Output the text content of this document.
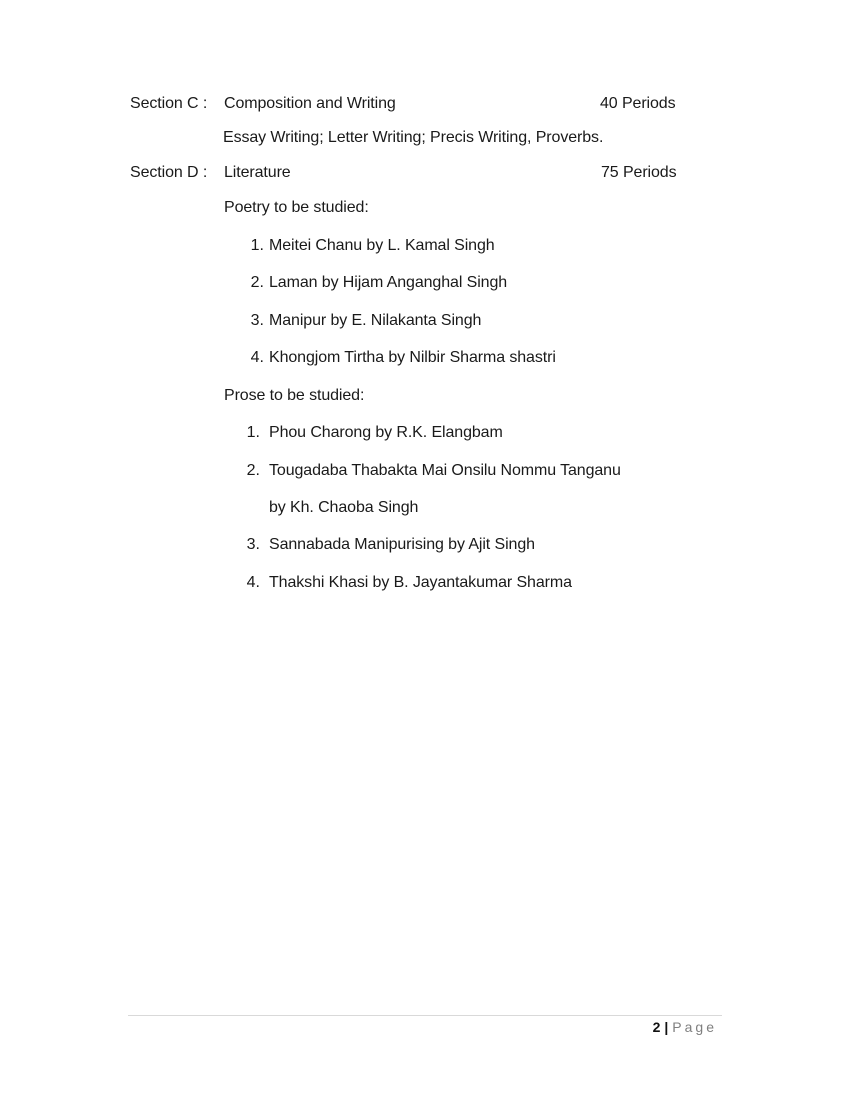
Section C : Composition and Writing	40 Periods
Essay Writing; Letter Writing; Precis Writing, Proverbs.
Section D : Literature	75 Periods
Poetry to be studied:
1. Meitei Chanu by L. Kamal Singh
2. Laman by Hijam Anganghal Singh
3. Manipur by E. Nilakanta Singh
4. Khongjom Tirtha by Nilbir Sharma shastri
Prose to be studied:
1. Phou Charong by R.K. Elangbam
2. Tougadaba Thabakta Mai Onsilu Nommu Tanganu
by Kh. Chaoba Singh
3. Sannabada Manipurising by Ajit Singh
4. Thakshi Khasi by B. Jayantakumar Sharma
2 | Page
